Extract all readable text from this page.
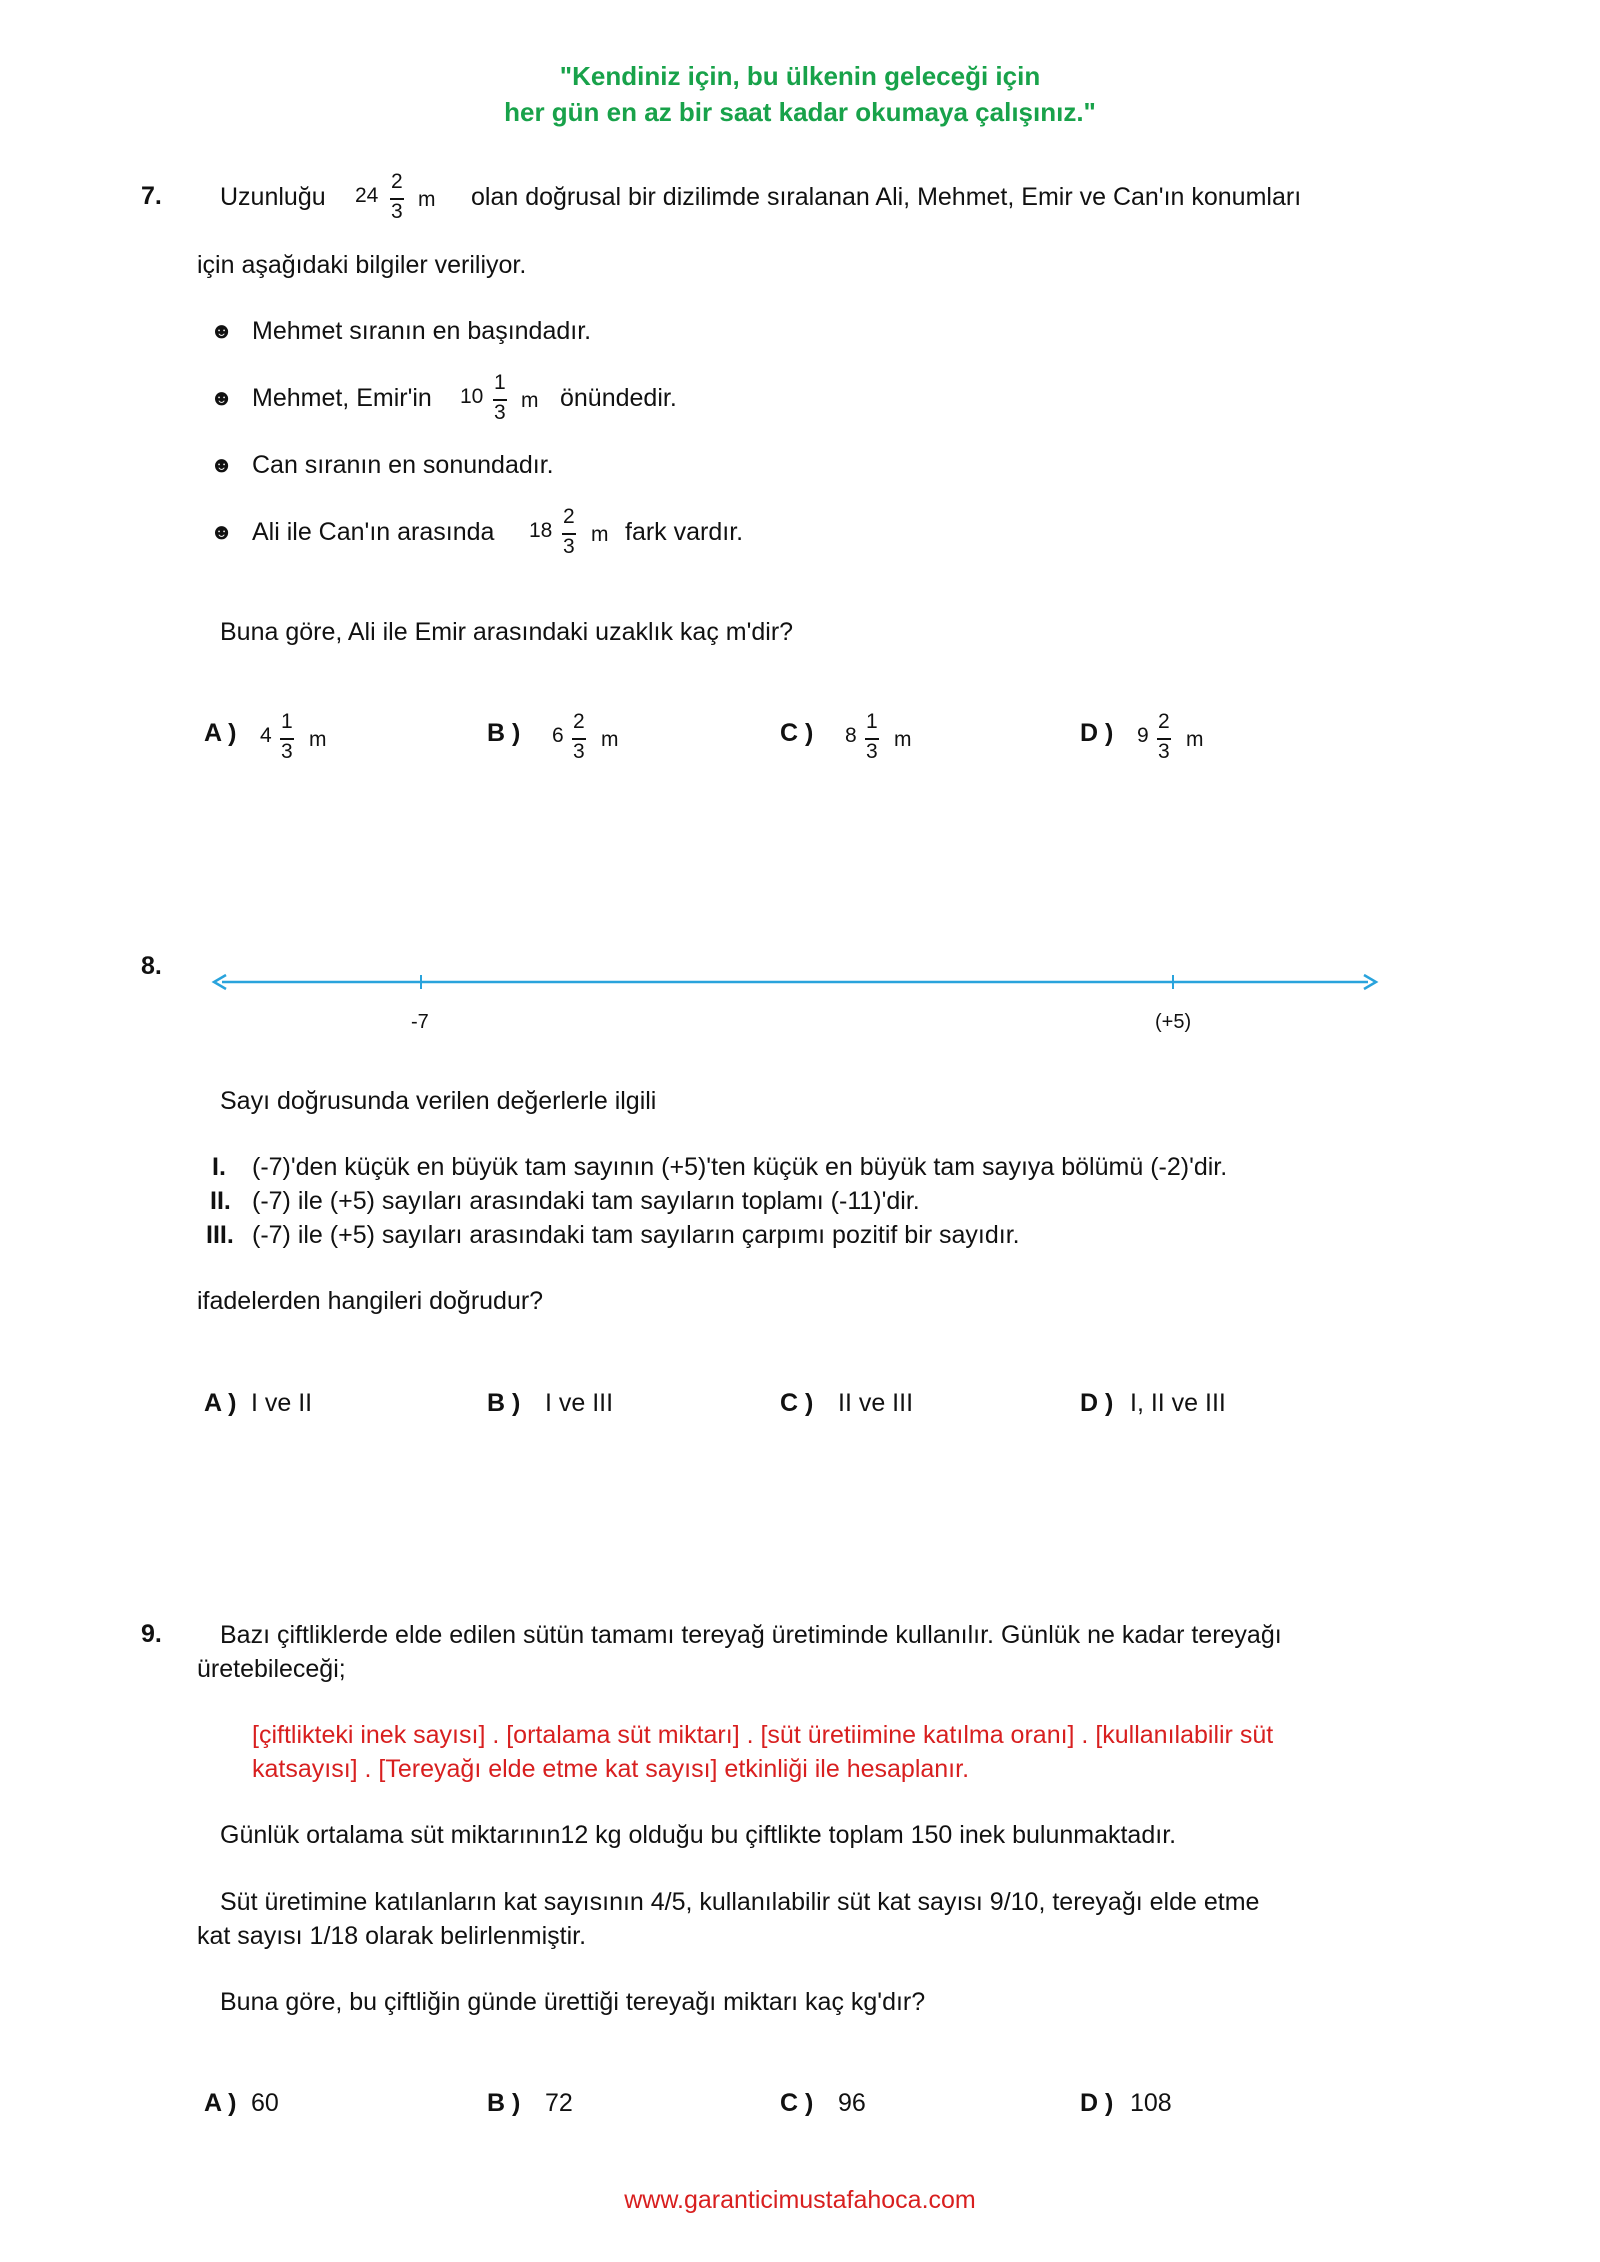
"Kendiniz için, bu ülkenin geleceği için
her gün en az bir saat kadar okumaya çalışınız."
7. Uzunluğu 24
2
3
m olan doğrusal bir dizilimde sıralanan Ali, Mehmet, Emir ve Can'ın konumları
için aşağıdaki bilgiler veriliyor.
☻ Mehmet sıranın en başındadır.
☻ Mehmet, Emir'in 10
1
3
m önündedir.
☻ Can sıranın en sonundadır.
☻ Ali ile Can'ın arasında 18
2
3
m fark vardır.
Buna göre, Ali ile Emir arasındaki uzaklık kaç m'dir?
A ) 4
1
3
m	B ) 6
2
3
m	C ) 8
1
3
m	D ) 9
2
3
m
8.
-7	(+5)
Sayı doğrusunda verilen değerlerle ilgili
I. (-7)'den küçük en büyük tam sayının (+5)'ten küçük en büyük tam sayıya bölümü (-2)'dir.
II. (-7) ile (+5) sayıları arasındaki tam sayıların toplamı (-11)'dir.
III. (-7) ile (+5) sayıları arasındaki tam sayıların çarpımı pozitif bir sayıdır.
ifadelerden hangileri doğrudur?
A ) I ve II	B ) I ve III	C ) II ve III	D ) I, II ve III
9. Bazı çiftliklerde elde edilen sütün tamamı tereyağ üretiminde kullanılır. Günlük ne kadar tereyağı
üretebileceği;
[çiftlikteki inek sayısı] . [ortalama süt miktarı] . [süt üretiimine katılma oranı] . [kullanılabilir süt
katsayısı] . [Tereyağı elde etme kat sayısı] etkinliği ile hesaplanır.
Günlük ortalama süt miktarının12 kg olduğu bu çiftlikte toplam 150 inek bulunmaktadır.
Süt üretimine katılanların kat sayısının 4/5, kullanılabilir süt kat sayısı 9/10, tereyağı elde etme
kat sayısı 1/18 olarak belirlenmiştir.
Buna göre, bu çiftliğin günde ürettiği tereyağı miktarı kaç kg'dır?
A ) 60	B ) 72	C ) 96	D ) 108
www.garanticimustafahoca.com
